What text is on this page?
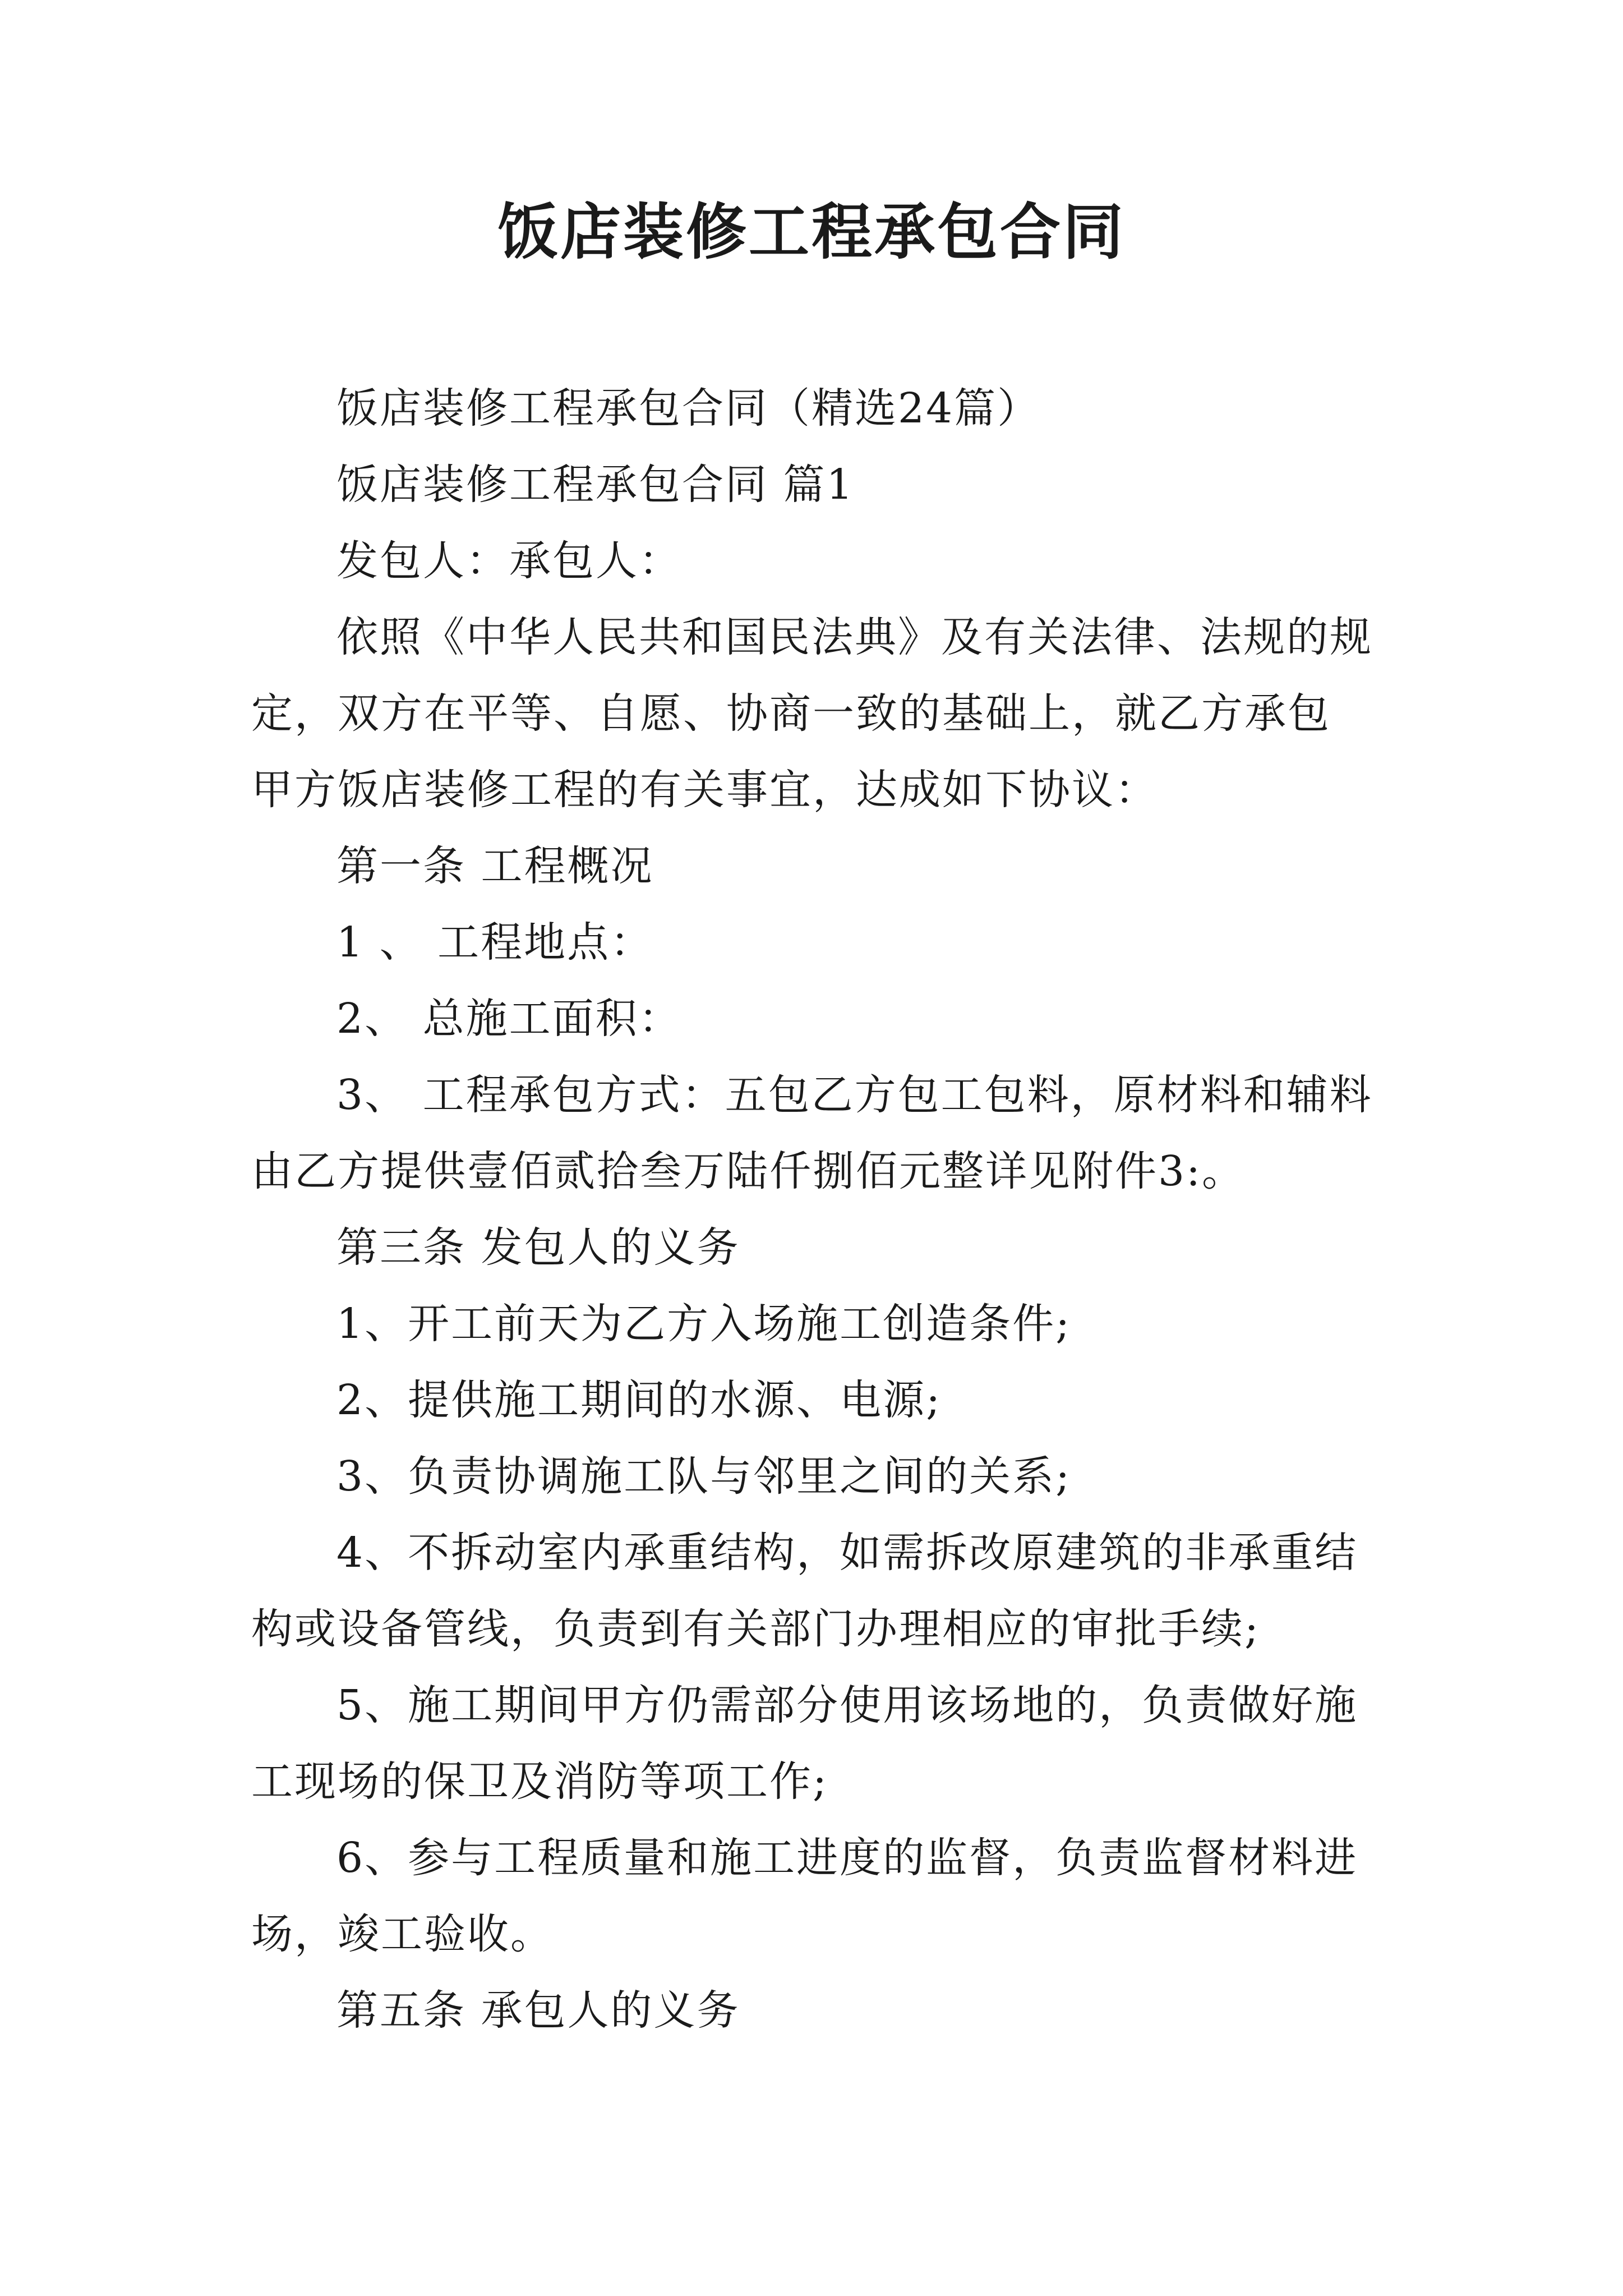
饭店装修工程承包合同

饭店装修工程承包合同（精选24篇）

饭店装修工程承包合同 篇1

发包人：承包人：

依照《中华人民共和国民法典》及有关法律、法规的规定，双方在平等、自愿、协商一致的基础上，就乙方承包甲方饭店装修工程的有关事宜，达成如下协议：

第一条 工程概况

1 、 工程地点：

2、 总施工面积：

3、 工程承包方式：五包乙方包工包料，原材料和辅料由乙方提供壹佰贰拾叁万陆仟捌佰元整详见附件3:。

第三条 发包人的义务

1、开工前天为乙方入场施工创造条件;

2、提供施工期间的水源、电源;

3、负责协调施工队与邻里之间的关系;

4、不拆动室内承重结构，如需拆改原建筑的非承重结构或设备管线，负责到有关部门办理相应的审批手续;

5、施工期间甲方仍需部分使用该场地的，负责做好施工现场的保卫及消防等项工作;

6、参与工程质量和施工进度的监督，负责监督材料进场，竣工验收。

第五条 承包人的义务
